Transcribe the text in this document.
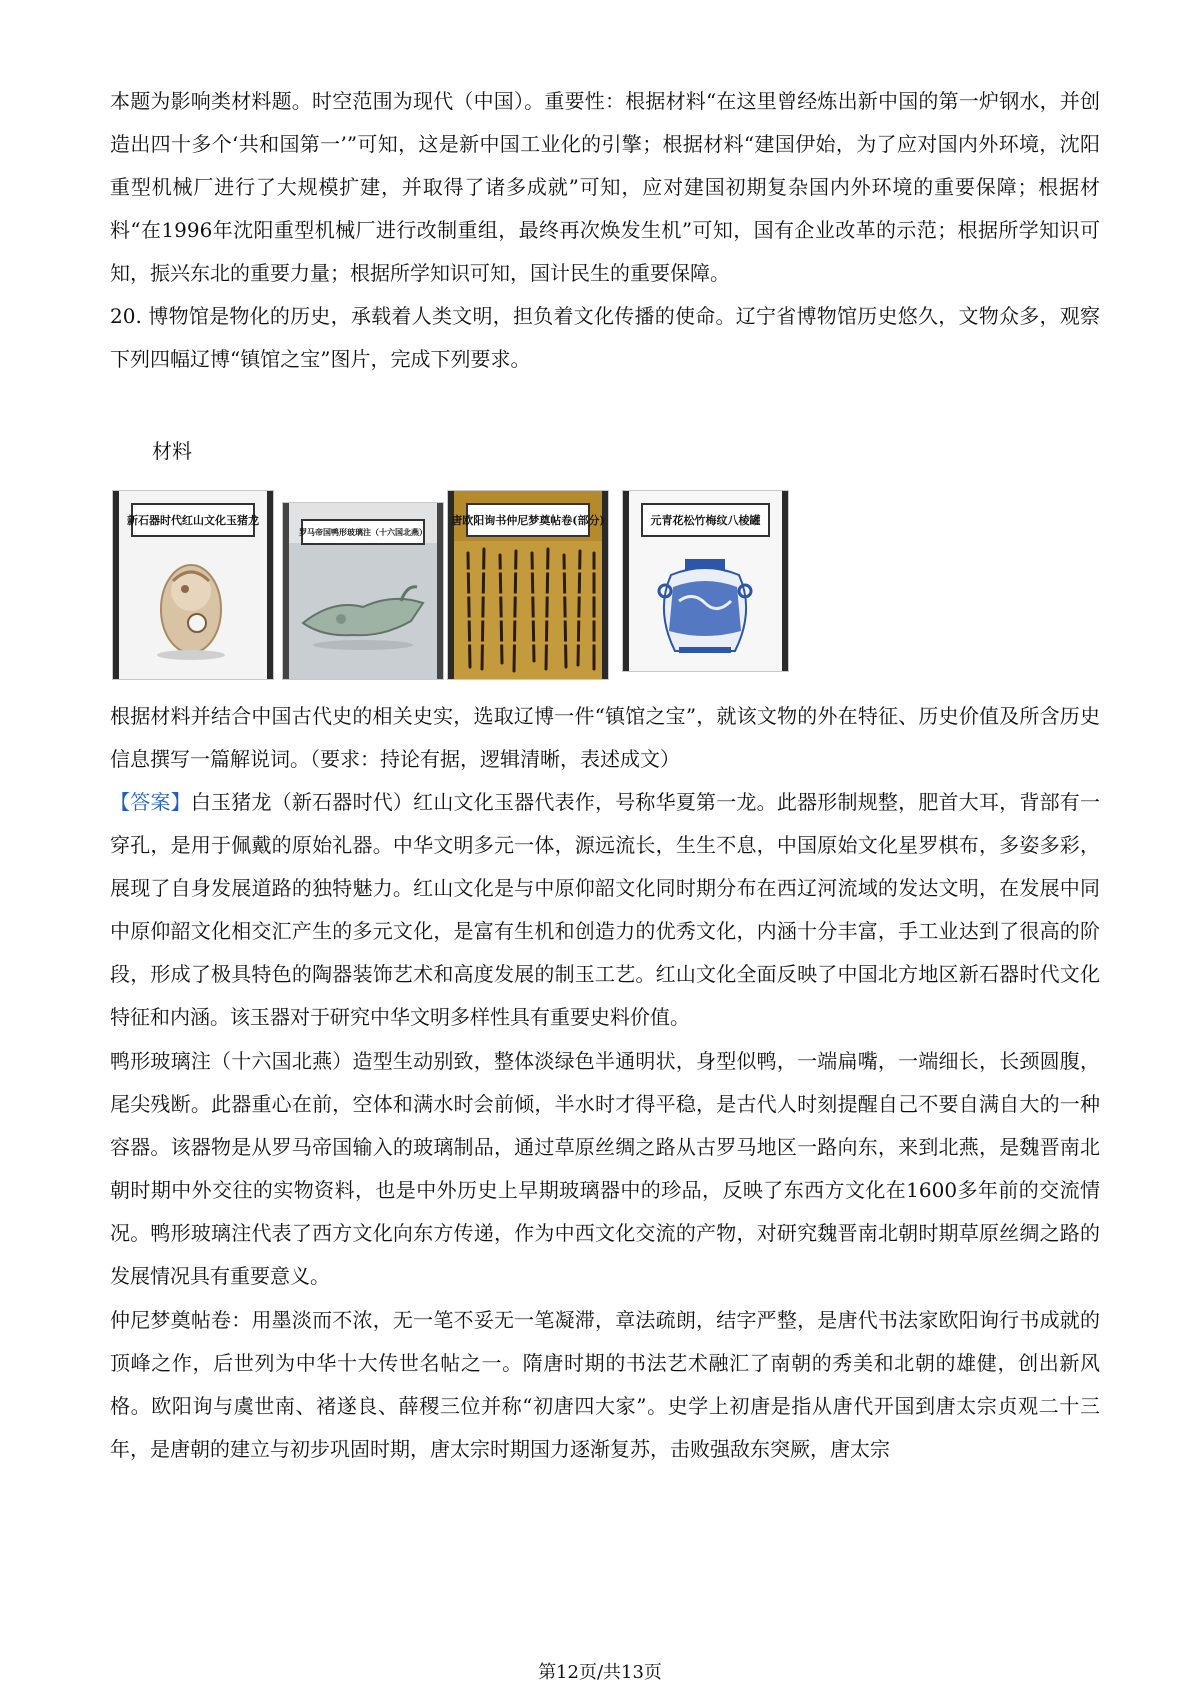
本题为影响类材料题。时空范围为现代（中国）。重要性：根据材料“在这里曾经炼出新中国的第一炉钢水，并创造出四十多个‘共和国第一’”可知，这是新中国工业化的引擎；根据材料“建国伊始，为了应对国内外环境，沈阳重型机械厂进行了大规模扩建，并取得了诸多成就”可知，应对建国初期复杂国内外环境的重要保障；根据材料“在1996年沈阳重型机械厂进行改制重组，最终再次焕发生机”可知，国有企业改革的示范；根据所学知识可知，振兴东北的重要力量；根据所学知识可知，国计民生的重要保障。

20. 博物馆是物化的历史，承载着人类文明，担负着文化传播的使命。辽宁省博物馆历史悠久，文物众多，观察下列四幅辽博“镇馆之宝”图片，完成下列要求。

材料
新石器时代红山文化玉猪龙
罗马帝国鸭形玻璃注（十六国北燕）
唐欧阳询书仲尼梦奠帖卷(部分)	元青花松竹梅纹八棱罐

根据材料并结合中国古代史的相关史实，选取辽博一件“镇馆之宝”，就该文物的外在特征、历史价值及所含历史信息撰写一篇解说词。（要求：持论有据，逻辑清晰，表述成文）

【答案】白玉猪龙（新石器时代）红山文化玉器代表作，号称华夏第一龙。此器形制规整，肥首大耳，背部有一穿孔，是用于佩戴的原始礼器。中华文明多元一体，源远流长，生生不息，中国原始文化星罗棋布，多姿多彩，展现了自身发展道路的独特魅力。红山文化是与中原仰韶文化同时期分布在西辽河流域的发达文明，在发展中同中原仰韶文化相交汇产生的多元文化，是富有生机和创造力的优秀文化，内涵十分丰富，手工业达到了很高的阶段，形成了极具特色的陶器装饰艺术和高度发展的制玉工艺。红山文化全面反映了中国北方地区新石器时代文化特征和内涵。该玉器对于研究中华文明多样性具有重要史料价值。

鸭形玻璃注（十六国北燕）造型生动别致，整体淡绿色半通明状，身型似鸭，一端扁嘴，一端细长，长颈圆腹，尾尖残断。此器重心在前，空体和满水时会前倾，半水时才得平稳，是古代人时刻提醒自己不要自满自大的一种容器。该器物是从罗马帝国输入的玻璃制品，通过草原丝绸之路从古罗马地区一路向东，来到北燕，是魏晋南北朝时期中外交往的实物资料，也是中外历史上早期玻璃器中的珍品，反映了东西方文化在1600多年前的交流情况。鸭形玻璃注代表了西方文化向东方传递，作为中西文化交流的产物，对研究魏晋南北朝时期草原丝绸之路的发展情况具有重要意义。

仲尼梦奠帖卷：用墨淡而不浓，无一笔不妥无一笔凝滞，章法疏朗，结字严整，是唐代书法家欧阳询行书成就的顶峰之作，后世列为中华十大传世名帖之一。隋唐时期的书法艺术融汇了南朝的秀美和北朝的雄健，创出新风格。欧阳询与虞世南、褚遂良、薛稷三位并称“初唐四大家”。史学上初唐是指从唐代开国到唐太宗贞观二十三年，是唐朝的建立与初步巩固时期，唐太宗时期国力逐渐复苏，击败强敌东突厥，唐太宗

第12页/共13页
